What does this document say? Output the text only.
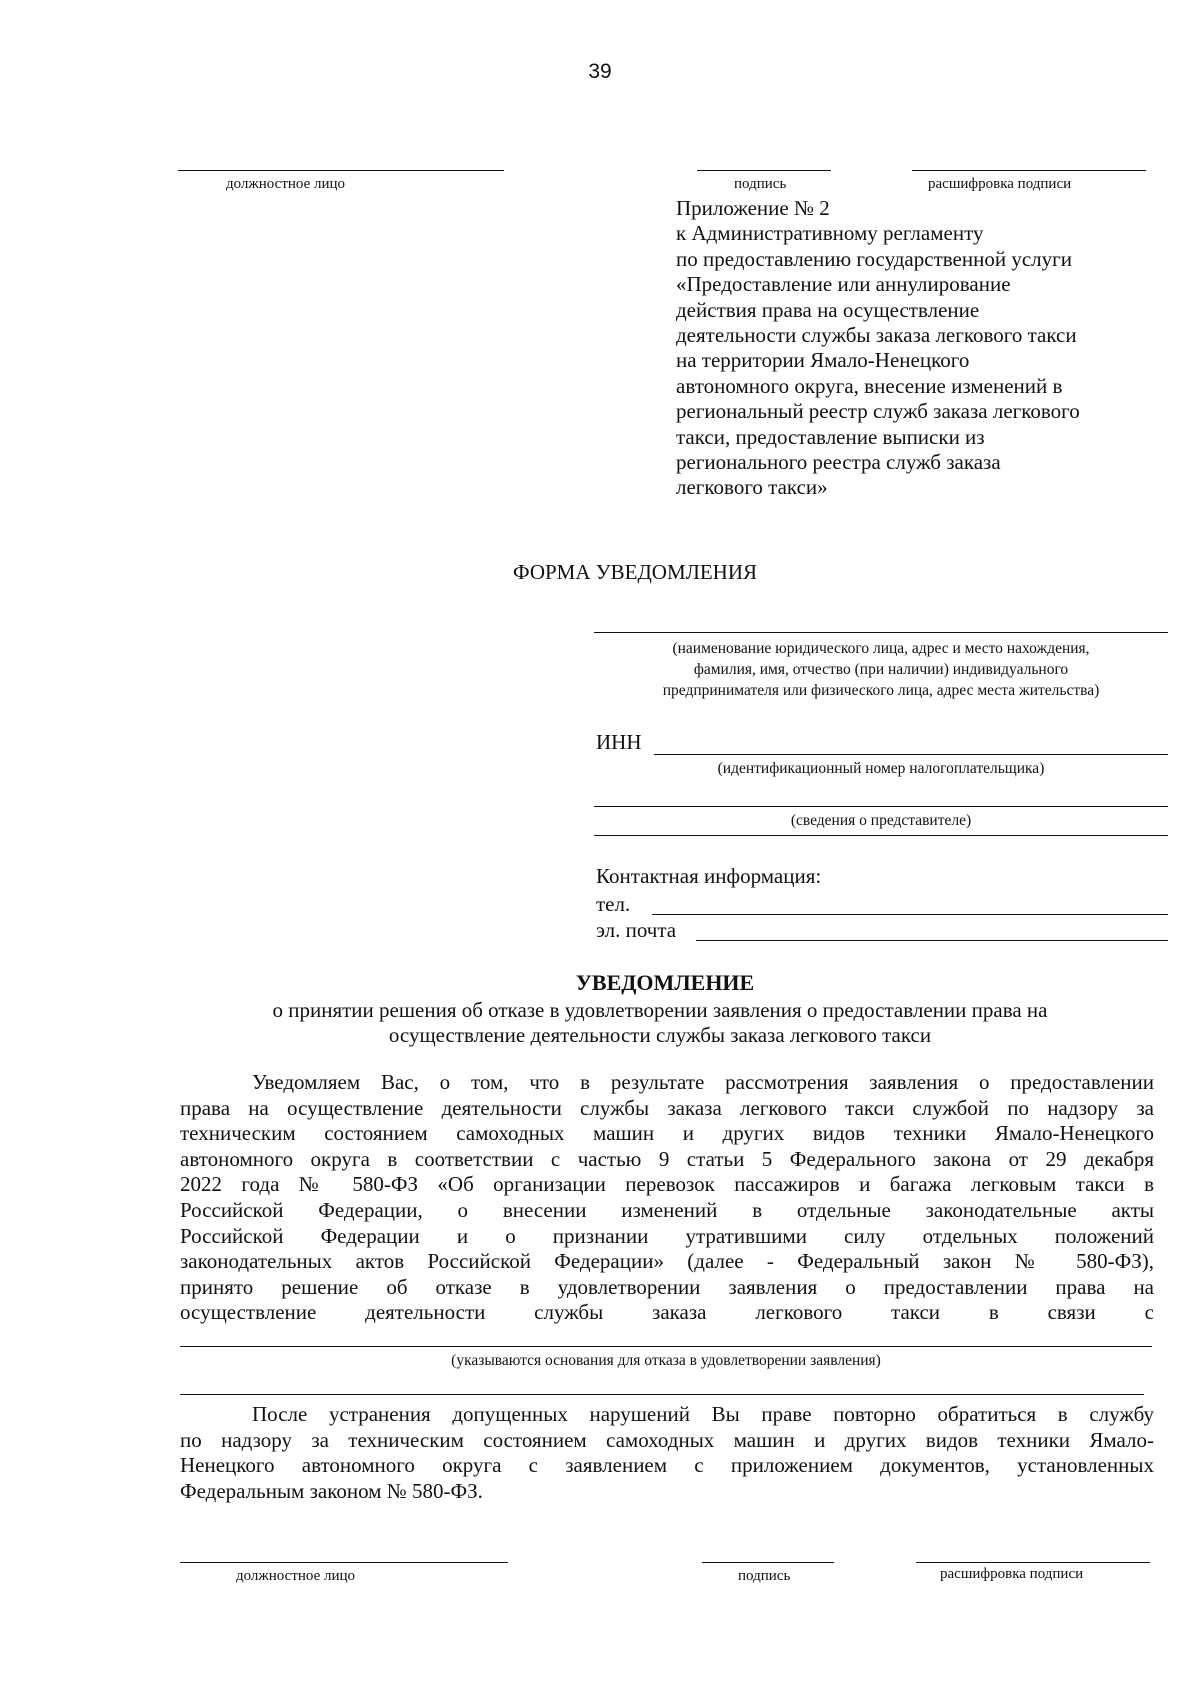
39
должностное лицо	подпись	расшифровка подписи
Приложение № 2
к Административному регламенту
по предоставлению государственной услуги
«Предоставление или аннулирование
действия права на осуществление
деятельности службы заказа легкового такси
на территории Ямало-Ненецкого
автономного округа, внесение изменений в
региональный реестр служб заказа легкового
такси, предоставление выписки из
регионального реестра служб заказа
легкового такси»
ФОРМА УВЕДОМЛЕНИЯ
(наименование юридического лица, адрес и место нахождения,
фамилия, имя, отчество (при наличии) индивидуального
предпринимателя или физического лица, адрес места жительства)
ИНН
(идентификационный номер налогоплательщика)
(сведения о представителе)
Контактная информация:
тел.
эл. почта
УВЕДОМЛЕНИЕ
о принятии решения об отказе в удовлетворении заявления о предоставлении права на
осуществление деятельности службы заказа легкового такси
Уведомляем Вас, о том, что в результате рассмотрения заявления о предоставлении
права на осуществление деятельности службы заказа легкового такси службой по надзору за
техническим состоянием самоходных машин и других видов техники Ямало-Ненецкого
автономного округа в соответствии с частью 9 статьи 5 Федерального закона от 29 декабря
2022 года № 580-ФЗ «Об организации перевозок пассажиров и багажа легковым такси в
Российской Федерации, о внесении изменений в отдельные законодательные акты
Российской Федерации и о признании утратившими силу отдельных положений
законодательных актов Российской Федерации» (далее - Федеральный закон № 580-ФЗ),
принято решение об отказе в удовлетворении заявления о предоставлении права на
осуществление деятельности службы заказа легкового такси в связи с
(указываются основания для отказа в удовлетворении заявления)
После устранения допущенных нарушений Вы праве повторно обратиться в службу
по надзору за техническим состоянием самоходных машин и других видов техники Ямало-
Ненецкого автономного округа с заявлением с приложением документов, установленных
Федеральным законом № 580-ФЗ.
должностное лицо	подпись	расшифровка подписи
